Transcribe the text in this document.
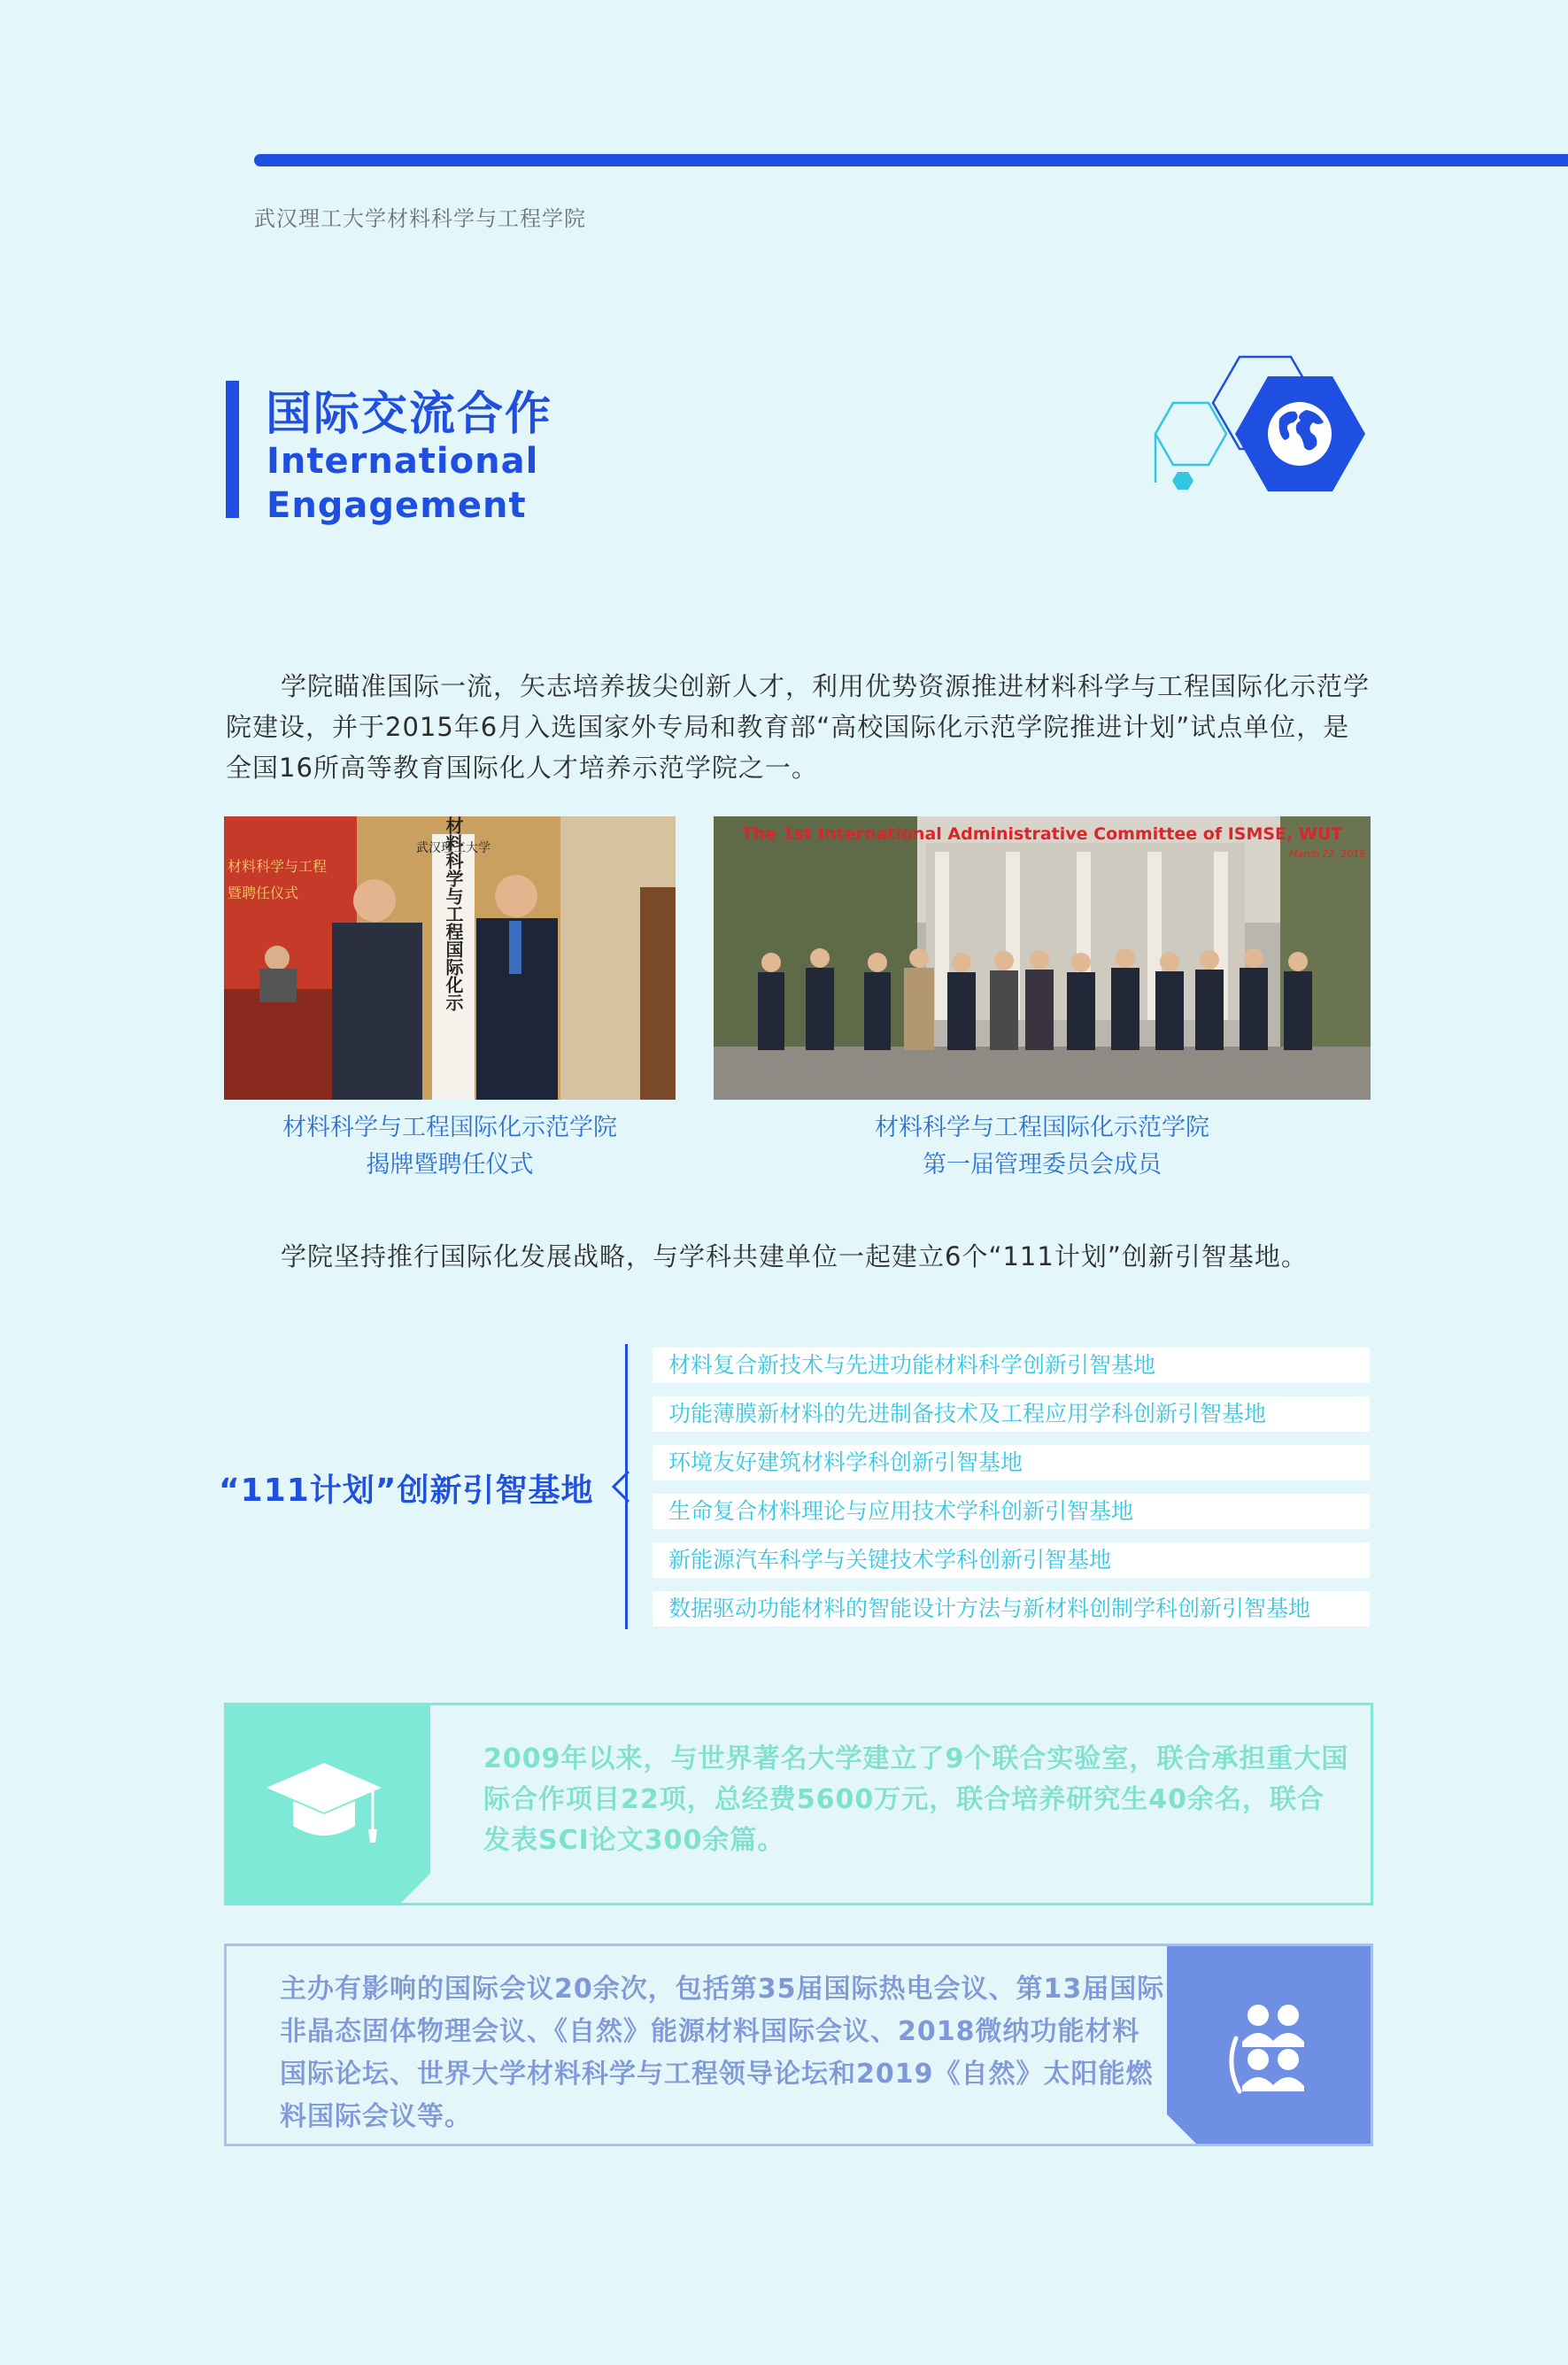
武汉理工大学材料科学与工程学院
国际交流合作
International
Engagement
学院瞄准国际一流，矢志培养拔尖创新人才，利用优势资源推进材料科学与工程国际化示范学院建设，并于2015年6月入选国家外专局和教育部“高校国际化示范学院推进计划”试点单位，是全国16所高等教育国际化人才培养示范学院之一。
材料科学与工程
暨聘任仪式
武汉理工大学
材料科学与工程国际化示
材料科学与工程国际化示范学院
揭牌暨聘任仪式
The 1st International Administrative Committee of ISMSE, WUT
March 22, 2016
材料科学与工程国际化示范学院
第一届管理委员会成员
学院坚持推行国际化发展战略，与学科共建单位一起建立6个“111计划”创新引智基地。
“111计划”创新引智基地
材料复合新技术与先进功能材料科学创新引智基地
功能薄膜新材料的先进制备技术及工程应用学科创新引智基地
环境友好建筑材料学科创新引智基地
生命复合材料理论与应用技术学科创新引智基地
新能源汽车科学与关键技术学科创新引智基地
数据驱动功能材料的智能设计方法与新材料创制学科创新引智基地
2009年以来，与世界著名大学建立了9个联合实验室，联合承担重大国际合作项目22项，总经费5600万元，联合培养研究生40余名，联合发表SCI论文300余篇。
主办有影响的国际会议20余次，包括第35届国际热电会议、第13届国际非晶态固体物理会议、《自然》能源材料国际会议、2018微纳功能材料国际论坛、世界大学材料科学与工程领导论坛和2019《自然》太阳能燃料国际会议等。
